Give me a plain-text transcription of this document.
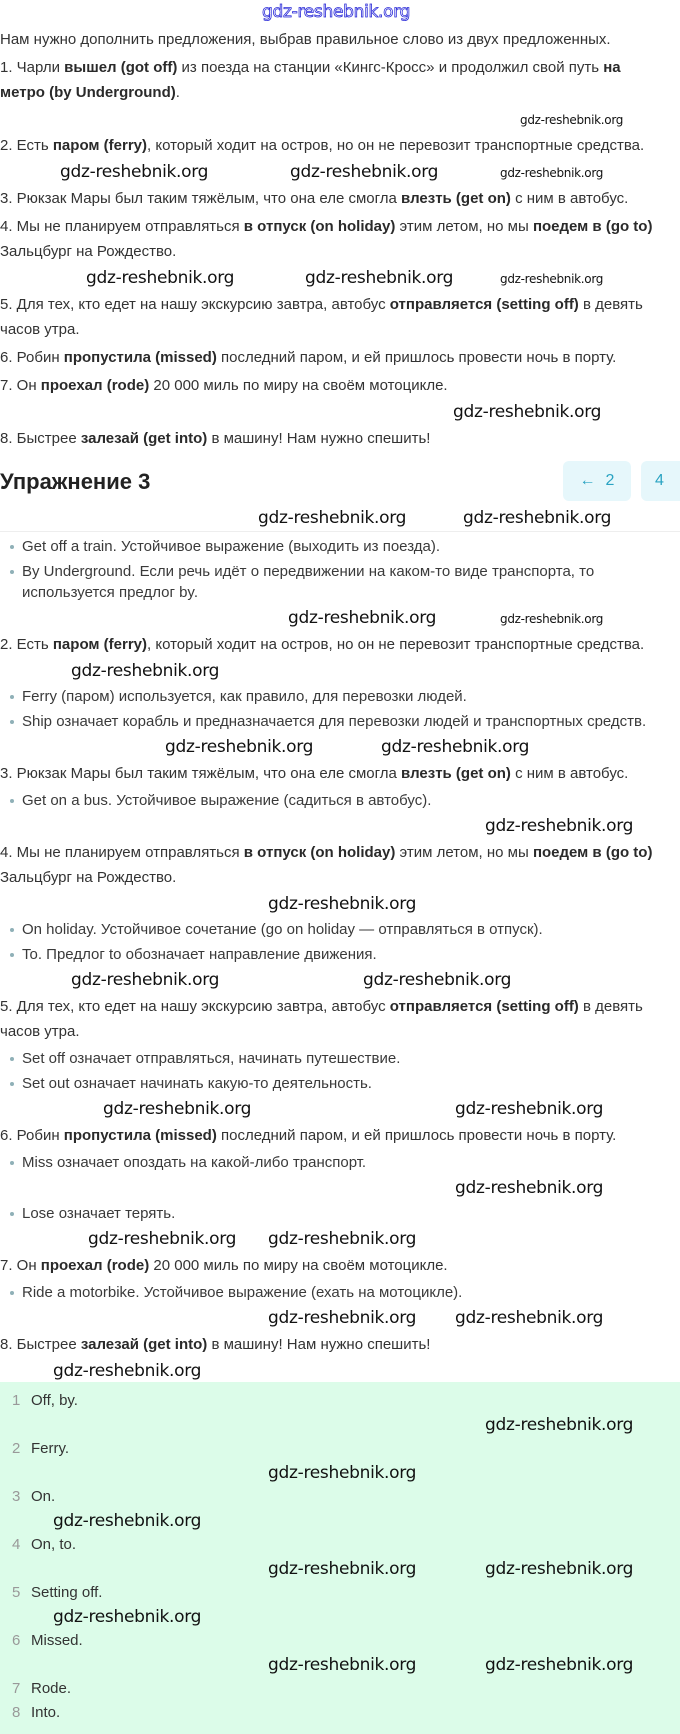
gdz-reshebnik.org
Нам нужно дополнить предложения, выбрав правильное слово из двух предложенных.
1. Чарли вышел (got off) из поезда на станции «Кингс-Кросс» и продолжил свой путь на метро (by Underground).
gdz-reshebnik.org
2. Есть паром (ferry), который ходит на остров, но он не перевозит транспортные средства.
gdz-reshebnik.org	gdz-reshebnik.org	gdz-reshebnik.org
3. Рюкзак Мары был таким тяжёлым, что она еле смогла влезть (get on) с ним в автобус.
4. Мы не планируем отправляться в отпуск (on holiday) этим летом, но мы поедем в (go to) Зальцбург на Рождество.
gdz-reshebnik.org	gdz-reshebnik.org	gdz-reshebnik.org
5. Для тех, кто едет на нашу экскурсию завтра, автобус отправляется (setting off) в девять часов утра.
6. Робин пропустила (missed) последний паром, и ей пришлось провести ночь в порту.
7. Он проехал (rode) 20 000 миль по миру на своём мотоцикле.
gdz-reshebnik.org
8. Быстрее залезай (get into) в машину! Нам нужно спешить!
Упражнение 3	← 2	4
gdz-reshebnik.org	gdz-reshebnik.org
Get off a train. Устойчивое выражение (выходить из поезда).
By Underground. Если речь идёт о передвижении на каком-то виде транспорта, то используется предлог by.
gdz-reshebnik.org	gdz-reshebnik.org
2. Есть паром (ferry), который ходит на остров, но он не перевозит транспортные средства.
gdz-reshebnik.org
Ferry (паром) используется, как правило, для перевозки людей.
Ship означает корабль и предназначается для перевозки людей и транспортных средств.
gdz-reshebnik.org	gdz-reshebnik.org
3. Рюкзак Мары был таким тяжёлым, что она еле смогла влезть (get on) с ним в автобус.
Get on a bus. Устойчивое выражение (садиться в автобус).
gdz-reshebnik.org
4. Мы не планируем отправляться в отпуск (on holiday) этим летом, но мы поедем в (go to) Зальцбург на Рождество.
gdz-reshebnik.org
On holiday. Устойчивое сочетание (go on holiday — отправляться в отпуск).
To. Предлог to обозначает направление движения.
gdz-reshebnik.org	gdz-reshebnik.org
5. Для тех, кто едет на нашу экскурсию завтра, автобус отправляется (setting off) в девять часов утра.
Set off означает отправляться, начинать путешествие.
Set out означает начинать какую-то деятельность.
gdz-reshebnik.org	gdz-reshebnik.org
6. Робин пропустила (missed) последний паром, и ей пришлось провести ночь в порту.
Miss означает опоздать на какой-либо транспорт.
gdz-reshebnik.org
Lose означает терять.
gdz-reshebnik.org gdz-reshebnik.org
7. Он проехал (rode) 20 000 миль по миру на своём мотоцикле.
Ride a motorbike. Устойчивое выражение (ехать на мотоцикле).
gdz-reshebnik.org gdz-reshebnik.org
8. Быстрее залезай (get into) в машину! Нам нужно спешить!
gdz-reshebnik.org
1 Off, by.
gdz-reshebnik.org
2 Ferry.
gdz-reshebnik.org
3 On.
gdz-reshebnik.org
4 On, to.
gdz-reshebnik.org	gdz-reshebnik.org
5 Setting off.
gdz-reshebnik.org
6 Missed.
gdz-reshebnik.org	gdz-reshebnik.org
7 Rode.
8 Into.
